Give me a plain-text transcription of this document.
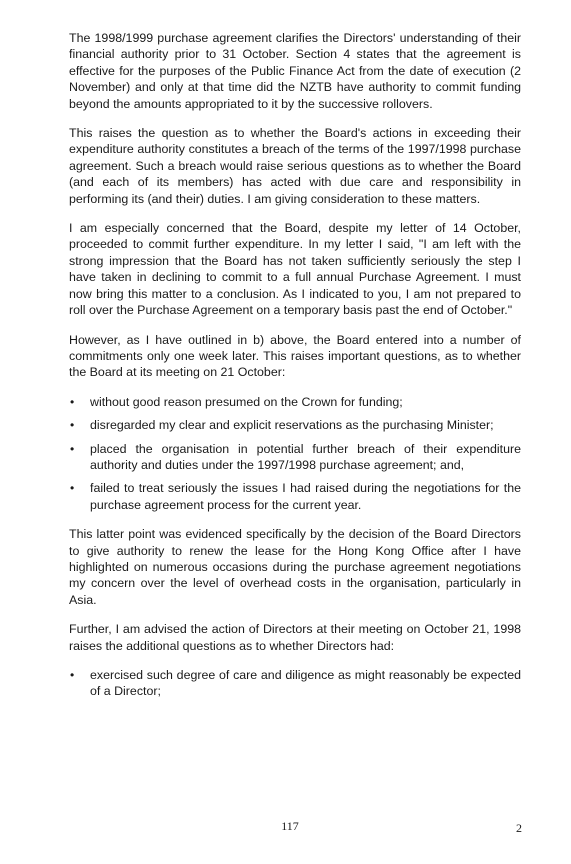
The 1998/1999 purchase agreement clarifies the Directors' understanding of their financial authority prior to 31 October. Section 4 states that the agreement is effective for the purposes of the Public Finance Act from the date of execution (2 November) and only at that time did the NZTB have authority to commit funding beyond the amounts appropriated to it by the successive rollovers.

This raises the question as to whether the Board's actions in exceeding their expenditure authority constitutes a breach of the terms of the 1997/1998 purchase agreement. Such a breach would raise serious questions as to whether the Board (and each of its members) has acted with due care and responsibility in performing its (and their) duties. I am giving consideration to these matters.

I am especially concerned that the Board, despite my letter of 14 October, proceeded to commit further expenditure. In my letter I said, "I am left with the strong impression that the Board has not taken sufficiently seriously the step I have taken in declining to commit to a full annual Purchase Agreement. I must now bring this matter to a conclusion. As I indicated to you, I am not prepared to roll over the Purchase Agreement on a temporary basis past the end of October."

However, as I have outlined in b) above, the Board entered into a number of commitments only one week later. This raises important questions, as to whether the Board at its meeting on 21 October:

• without good reason presumed on the Crown for funding;
• disregarded my clear and explicit reservations as the purchasing Minister;
• placed the organisation in potential further breach of their expenditure authority and duties under the 1997/1998 purchase agreement; and,
• failed to treat seriously the issues I had raised during the negotiations for the purchase agreement process for the current year.

This latter point was evidenced specifically by the decision of the Board Directors to give authority to renew the lease for the Hong Kong Office after I have highlighted on numerous occasions during the purchase agreement negotiations my concern over the level of overhead costs in the organisation, particularly in Asia.

Further, I am advised the action of Directors at their meeting on October 21, 1998 raises the additional questions as to whether Directors had:

• exercised such degree of care and diligence as might reasonably be expected of a Director;
117	2
